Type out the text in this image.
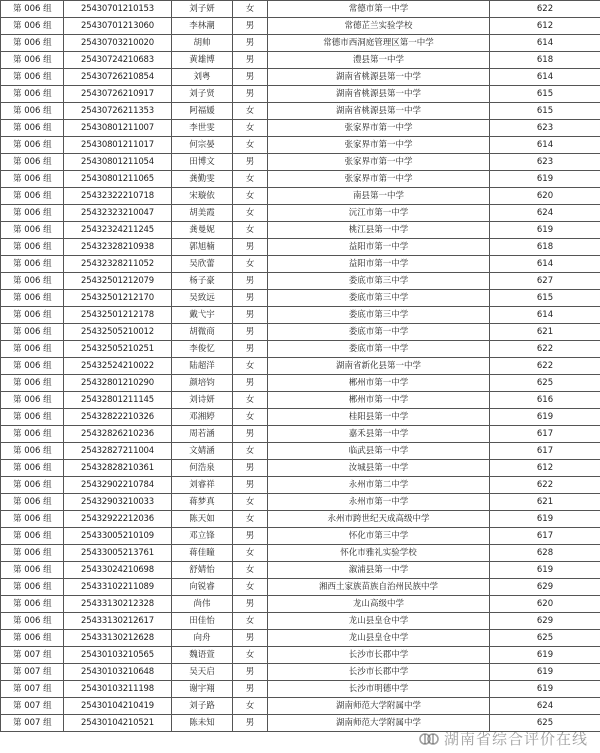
第 006 组	25430701210153	刘子妍	女	常德市第一中学	622
第 006 组	25430701213060	李林潮	男	常德芷兰实验学校	612
第 006 组	25430703210020	胡帅	男	常德市西洞庭管理区第一中学	614
第 006 组	25430724210683	黄雄博	男	澧县第一中学	618
第 006 组	25430726210854	刘粤	男	湖南省桃源县第一中学	614
第 006 组	25430726210917	刘子贤	男	湖南省桃源县第一中学	615
第 006 组	25430726211353	阿福媛	女	湖南省桃源县第一中学	615
第 006 组	25430801211007	李世雯	女	张家界市第一中学	623
第 006 组	25430801211017	何宗晏	女	张家界市第一中学	614
第 006 组	25430801211054	田博文	男	张家界市第一中学	623
第 006 组	25430801211065	龚勤雯	女	张家界市第一中学	619
第 006 组	25432322210718	宋璇依	女	南县第一中学	620
第 006 组	25432323210047	胡美霞	女	沅江市第一中学	624
第 006 组	25432324211245	龚曼妮	女	桃江县第一中学	619
第 006 组	25432328210938	郭旭楠	男	益阳市第一中学	618
第 006 组	25432328211052	吴欣蕾	女	益阳市第一中学	614
第 006 组	25432501212079	杨子豪	男	娄底市第三中学	627
第 006 组	25432501212170	吴致远	男	娄底市第三中学	615
第 006 组	25432501212178	戴弋宇	男	娄底市第三中学	614
第 006 组	25432505210012	胡微商	男	娄底市第一中学	621
第 006 组	25432505210251	李俊忆	男	娄底市第一中学	622
第 006 组	25432524210022	陆超洋	女	湖南省新化县第一中学	622
第 006 组	25432801210290	颜培钧	男	郴州市第一中学	625
第 006 组	25432801211145	刘诗妍	女	郴州市第一中学	616
第 006 组	25432822210326	邓湘婷	女	桂阳县第一中学	619
第 006 组	25432826210236	周若涵	男	嘉禾县第一中学	617
第 006 组	25432827211004	文婧涵	女	临武县第一中学	617
第 006 组	25432828210361	何浩泉	男	汝城县第一中学	612
第 006 组	25432902210784	刘睿祥	男	永州市第二中学	622
第 006 组	25432903210033	蒋梦真	女	永州市第一中学	621
第 006 组	25432922212036	陈天如	女	永州市跨世纪天成高级中学	619
第 006 组	25433005210109	邓立锋	男	怀化市第三中学	617
第 006 组	25433005213761	蒋佳瞳	女	怀化市雅礼实验学校	628
第 006 组	25433024210698	舒婧怡	女	溆浦县第一中学	619
第 006 组	25433102211089	向锐睿	女	湘西土家族苗族自治州民族中学	629
第 006 组	25433130212328	尚伟	男	龙山高级中学	620
第 006 组	25433130212617	田佳怡	女	龙山县皇仓中学	629
第 006 组	25433130212628	向舟	男	龙山县皇仓中学	625
第 007 组	25430103210565	魏语萱	女	长沙市长郡中学	619
第 007 组	25430103210648	吴天启	男	长沙市长郡中学	619
第 007 组	25430103211198	谢宇翔	男	长沙市明德中学	619
第 007 组	25430104210419	刘子路	女	湖南师范大学附属中学	624
第 007 组	25430104210521	陈未知	男	湖南师范大学附属中学	625
湖南省综合评价在线
